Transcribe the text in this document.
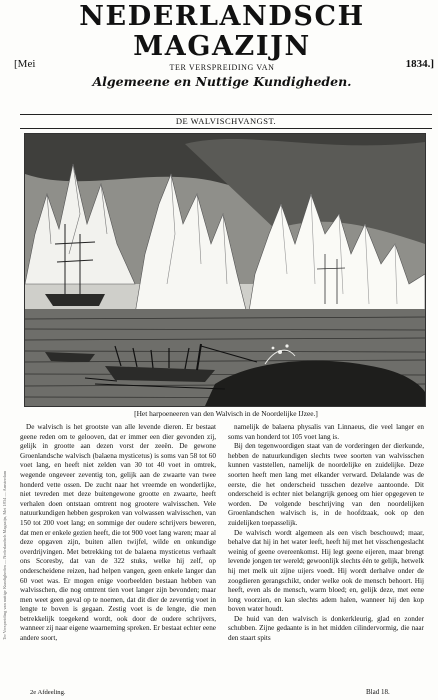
Ter Verspreiding van nuttige Kundigheden — Nederlandsch Magazijn, Mei 1834 — Amsterdam
NEDERLANDSCH MAGAZIJN
TER VERSPREIDING VAN
Algemeene en Nuttige Kundigheden.
[Mei	1834.]
DE WALVISCHVANGST.
[Het harpoeneeren van den Walvisch in de Noordelijke IJzee.]

De walvisch is het grootste van alle levende dieren. Er bestaat geene reden om te gelooven, dat er immer een dier gevonden zij, gelijk in grootte aan dezen vorst der zeeën. De gewone Groenlandsche walvisch (balaena mysticetus) is soms van 58 tot 60 voet lang, en heeft niet zelden van 30 tot 40 voet in omtrek, wegende ongeveer zeventig ton, gelijk aan de zwaarte van twee honderd vette ossen. De zucht naar het vreemde en wonderlijke, niet tevreden met deze buitengewone grootte en zwaarte, heeft verhalen doen ontstaan omtrent nog grootere walvisschen. Vele natuurkundigen hebben gesproken van volwassen walvisschen, van 150 tot 200 voet lang; en sommige der oudere schrijvers beweren, dat men er enkele gezien heeft, die tot 900 voet lang waren; maar al deze opgaven zijn, buiten allen twijfel, wilde en onkundige overdrijvingen. Met betrekking tot de balaena mysticetus verhaalt ons Scoresby, dat van de 322 stuks, welke hij zelf, op onderscheidene reizen, had helpen vangen, geen enkele langer dan 60 voet was. Er mogen enige voorbeelden bestaan hebben van walvisschen, die nog omtrent tien voet langer zijn bevonden; maar men weet geen geval op te noemen, dat dit dier de zeventig voet in lengte te boven is gegaan. Zestig voet is de lengte, die men betrekkelijk toegekend wordt, ook door de oudere schrijvers, wanneer zij naar eigene waarneming spreken. Er bestaat echter eene andere soort,

namelijk de balaena physalis van Linnaeus, die veel langer en soms van honderd tot 105 voet lang is.

Bij den tegenwoordigen staat van de vorderingen der dierkunde, hebben de natuurkundigen slechts twee soorten van walvisschen kunnen vaststellen, namelijk de noordelijke en zuidelijke. Deze soorten heeft men lang met elkander verward. Delalande was de eerste, die het onderscheid tusschen dezelve aantoonde. Dit onderscheid is echter niet belangrijk genoeg om hier opgegeven te worden. De volgende beschrijving van den noordelijken Groenlandschen walvisch is, in de hoofdzaak, ook op den zuidelijken toepasselijk.

De walvisch wordt algemeen als een visch beschouwd; maar, behalve dat hij in het water leeft, heeft hij met het visschengeslacht weinig of geene overeenkomst. Hij legt geene eijeren, maar brengt levende jongen ter wereld; gewoonlijk slechts één te gelijk, hetwelk hij met melk uit zijne uijers voedt. Hij wordt derhalve onder de zoogdieren gerangschikt, onder welke ook de mensch behoort. Hij heeft, even als de mensch, warm bloed; en, gelijk deze, met eene long voorzien, en kan slechts adem halen, wanneer hij den kop boven water houdt.

De huid van den walvisch is donkerkleurig, glad en zonder schubben. Zijne gedaante is in het midden cilindervormig, die naar den staart spits

2e Afdeeling.	Blad 18.
